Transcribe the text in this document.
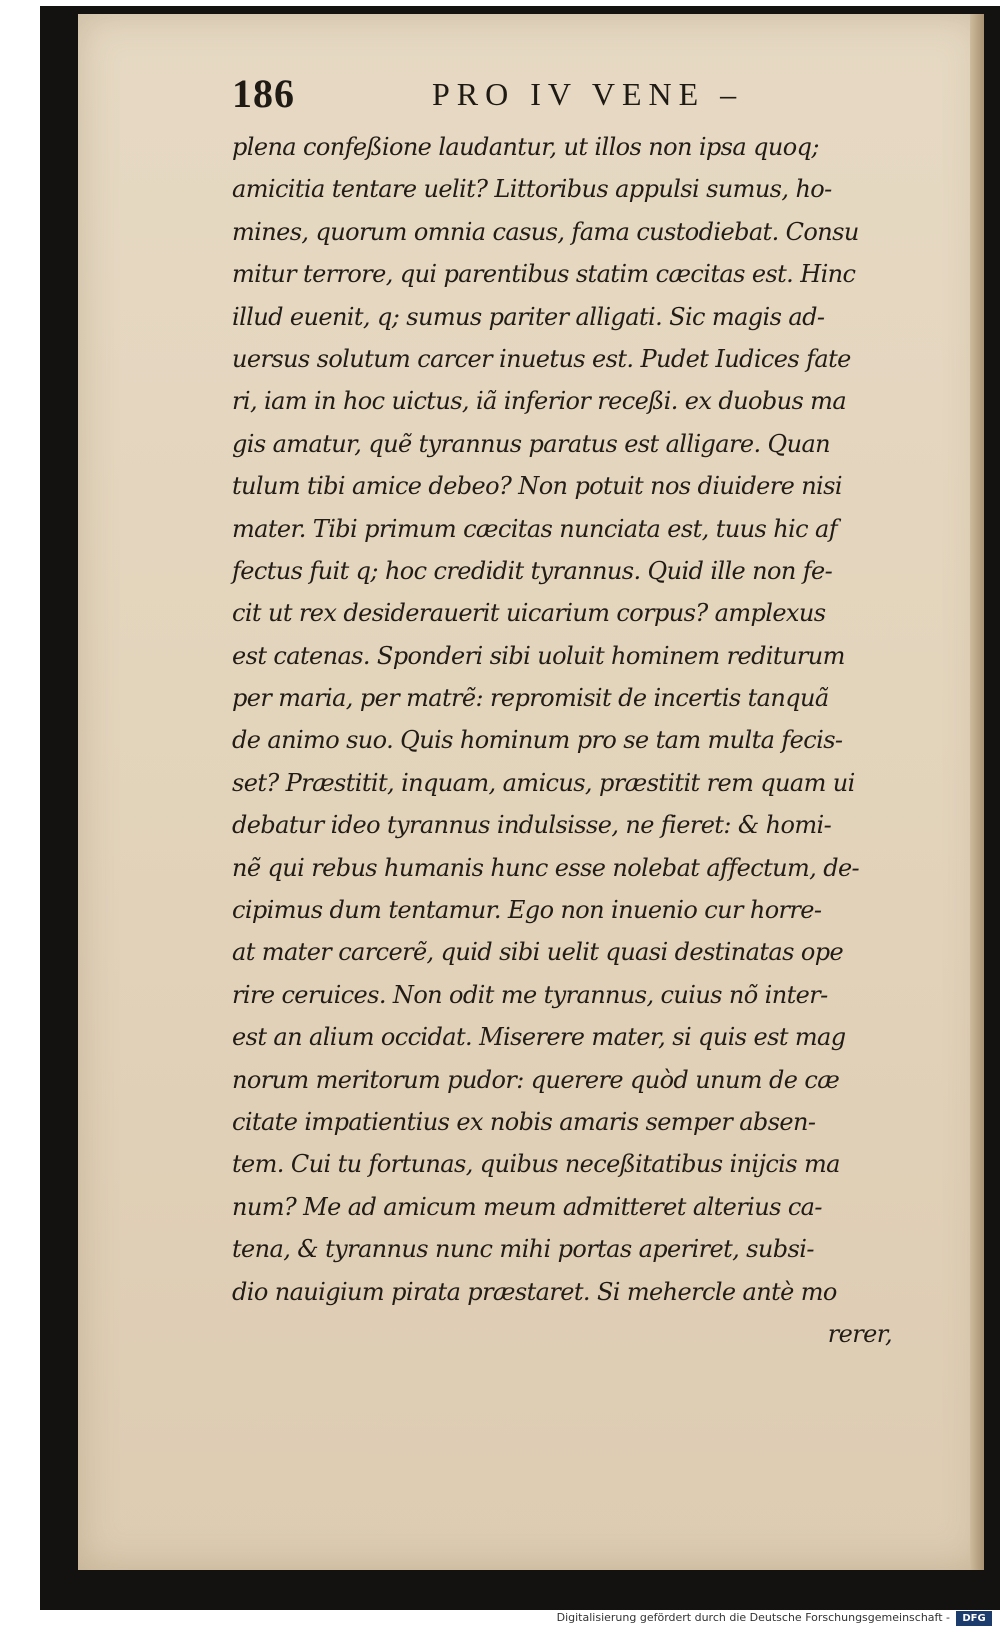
186	PRO IV VENE –
plena confeßione laudantur, ut illos non ipsa quoq;
amicitia tentare uelit? Littoribus appulsi sumus, ho-
mines, quorum omnia casus, fama custodiebat. Consu
mitur terrore, qui parentibus statim cæcitas est. Hinc
illud euenit, q; sumus pariter alligati. Sic magis ad-
uersus solutum carcer inuetus est. Pudet Iudices fate
ri, iam in hoc uictus, iã inferior receßi. ex duobus ma
gis amatur, quẽ tyrannus paratus est alligare. Quan
tulum tibi amice debeo? Non potuit nos diuidere nisi
mater. Tibi primum cæcitas nunciata est, tuus hic af
fectus fuit q; hoc credidit tyrannus. Quid ille non fe-
cit ut rex desiderauerit uicarium corpus? amplexus
est catenas. Sponderi sibi uoluit hominem rediturum
per maria, per matrẽ: repromisit de incertis tanquã
de animo suo. Quis hominum pro se tam multa fecis-
set? Præstitit, inquam, amicus, præstitit rem quam ui
debatur ideo tyrannus indulsisse, ne fieret: & homi-
nẽ qui rebus humanis hunc esse nolebat affectum, de-
cipimus dum tentamur. Ego non inuenio cur horre-
at mater carcerẽ, quid sibi uelit quasi destinatas ope
rire ceruices. Non odit me tyrannus, cuius nõ inter-
est an alium occidat. Miserere mater, si quis est mag
norum meritorum pudor: querere quòd unum de cæ
citate impatientius ex nobis amaris semper absen-
tem. Cui tu fortunas, quibus neceßitatibus inijcis ma
num? Me ad amicum meum admitteret alterius ca-
tena, & tyrannus nunc mihi portas aperiret, subsi-
dio nauigium pirata præstaret. Si mehercle antè mo
rerer,
Digitalisierung gefördert durch die Deutsche Forschungsgemeinschaft -	DFG
